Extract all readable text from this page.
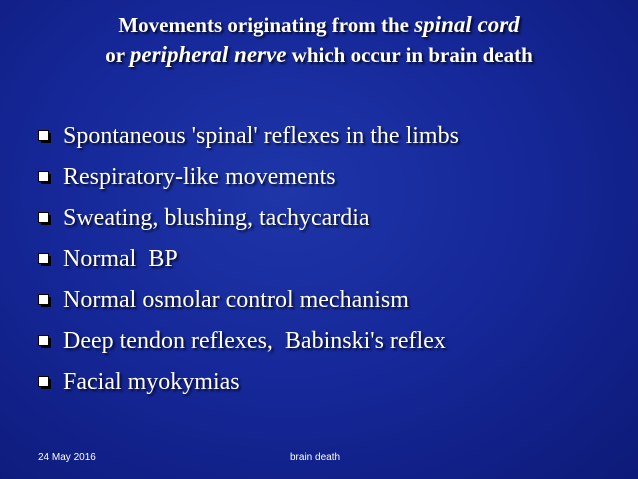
Movements originating from the spinal cord
or peripheral nerve which occur in brain death
Spontaneous 'spinal' reflexes in the limbs
Respiratory-like movements
Sweating, blushing, tachycardia
Normal  BP
Normal osmolar control mechanism
Deep tendon reflexes,  Babinski's reflex
Facial myokymias
24 May 2016	brain death
